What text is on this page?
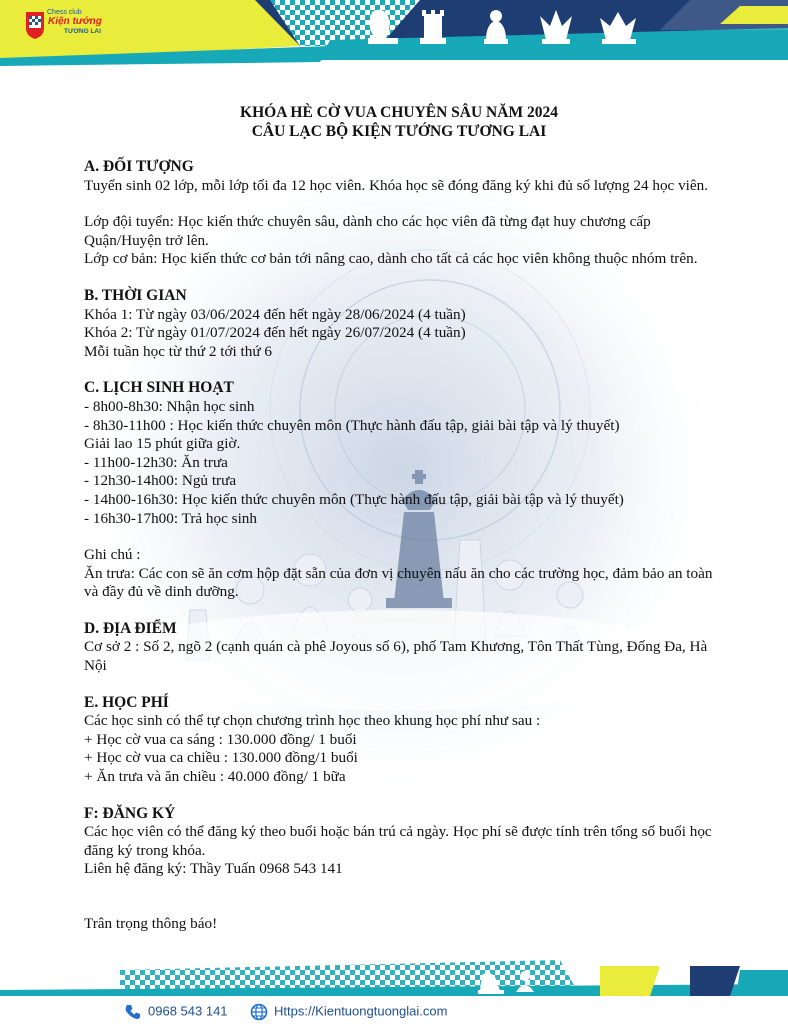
Chess club
Kiện tướng
TƯƠNG LAI
KHÓA HÈ CỜ VUA CHUYÊN SÂU NĂM 2024
CÂU LẠC BỘ KIỆN TƯỚNG TƯƠNG LAI
A. ĐỐI TƯỢNG

Tuyển sinh 02 lớp, mỗi lớp tối đa 12 học viên. Khóa học sẽ đóng đăng ký khi đủ số lượng 24 học viên.

Lớp đội tuyển: Học kiến thức chuyên sâu, dành cho các học viên đã từng đạt huy chương cấp Quận/Huyện trở lên.

Lớp cơ bản: Học kiến thức cơ bản tới nâng cao, dành cho tất cả các học viên không thuộc nhóm trên.

B. THỜI GIAN

Khóa 1: Từ ngày 03/06/2024 đến hết ngày 28/06/2024 (4 tuần)

Khóa 2: Từ ngày 01/07/2024 đến hết ngày 26/07/2024 (4 tuần)

Mỗi tuần học từ thứ 2 tới thứ 6

C. LỊCH SINH HOẠT

- 8h00-8h30: Nhận học sinh

- 8h30-11h00 : Học kiến thức chuyên môn (Thực hành đấu tập, giải bài tập và lý thuyết)

Giải lao 15 phút giữa giờ.

- 11h00-12h30: Ăn trưa

- 12h30-14h00: Ngủ trưa

- 14h00-16h30: Học kiến thức chuyên môn (Thực hành đấu tập, giải bài tập và lý thuyết)

- 16h30-17h00: Trả học sinh

Ghi chú :

Ăn trưa: Các con sẽ ăn cơm hộp đặt sẵn của đơn vị chuyên nấu ăn cho các trường học, đảm bảo an toàn và đầy đủ về dinh dưỡng.

D. ĐỊA ĐIỂM

Cơ sở 2 : Số 2, ngõ 2 (cạnh quán cà phê Joyous số 6), phố Tam Khương, Tôn Thất Tùng, Đống Đa, Hà Nội

E. HỌC PHÍ

Các học sinh có thể tự chọn chương trình học theo khung học phí như sau :

+ Học cờ vua ca sáng : 130.000 đồng/ 1 buổi

+ Học cờ vua ca chiều : 130.000 đồng/1 buổi

+ Ăn trưa và ăn chiều : 40.000 đồng/ 1 bữa

F: ĐĂNG KÝ

Các học viên có thể đăng ký theo buổi hoặc bán trú cả ngày. Học phí sẽ được tính trên tổng số buổi học đăng ký trong khóa.

Liên hệ đăng ký: Thầy Tuấn 0968 543 141

Trân trọng thông báo!

0968 543 141	Https://Kientuongtuonglai.com
